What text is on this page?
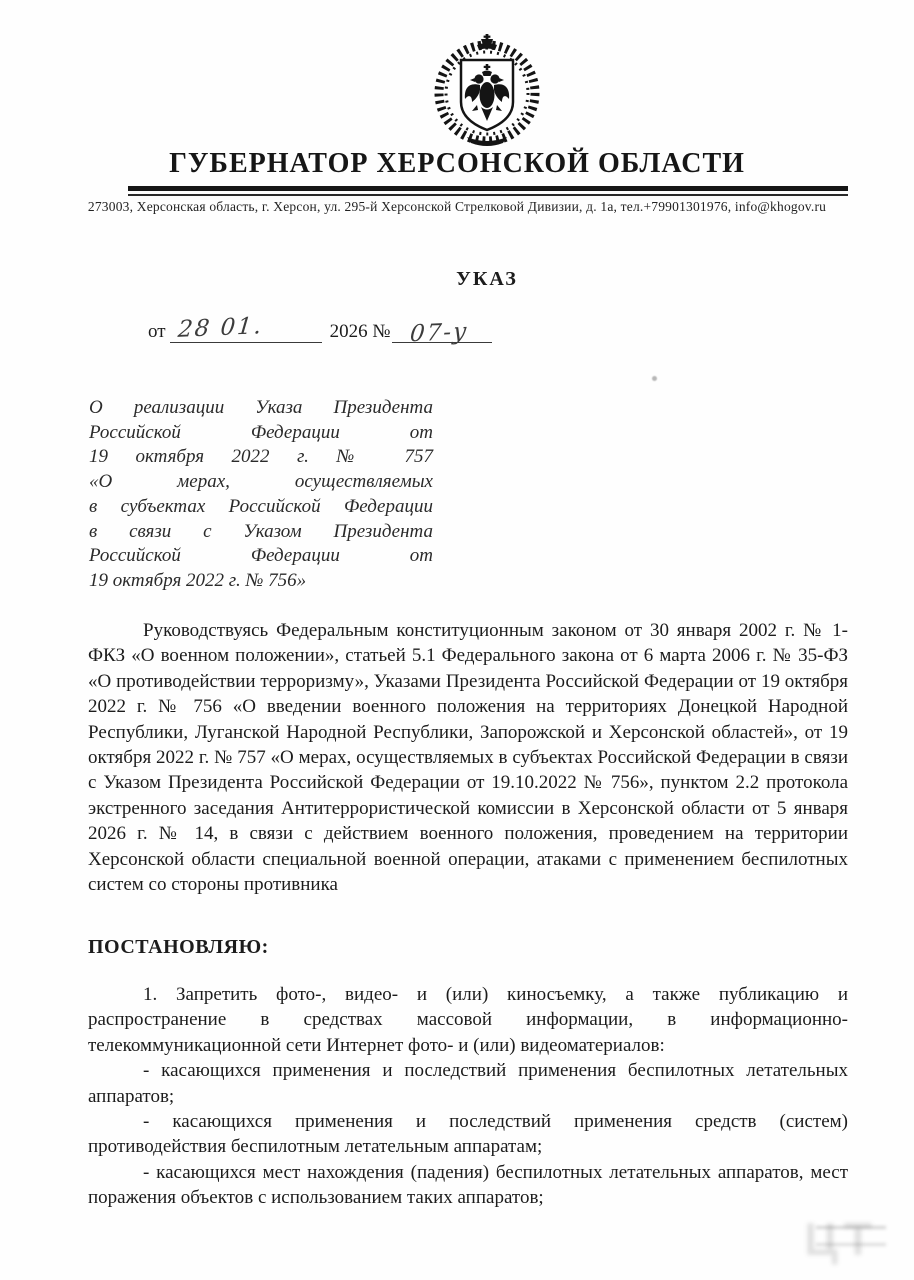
ГУБЕРНАТОР ХЕРСОНСКОЙ ОБЛАСТИ
273003, Херсонская область, г. Херсон, ул. 295-й Херсонской Стрелковой Дивизии, д. 1а, тел.+79901301976, info@khogov.ru
УКАЗ
от 28 01.	2026 № 07-у
О реализации Указа Президента
Российской Федерации от
19 октября 2022 г. № 757
«О мерах, осуществляемых
в субъектах Российской Федерации
в связи с Указом Президента
Российской Федерации от
19 октября 2022 г. № 756»

Руководствуясь Федеральным конституционным законом от 30 января 2002 г. № 1-ФКЗ «О военном положении», статьей 5.1 Федерального закона от 6 марта 2006 г. № 35-ФЗ «О противодействии терроризму», Указами Президента Российской Федерации от 19 октября 2022 г. № 756 «О введении военного положения на территориях Донецкой Народной Республики, Луганской Народной Республики, Запорожской и Херсонской областей», от 19 октября 2022 г. № 757 «О мерах, осуществляемых в субъектах Российской Федерации в связи с Указом Президента Российской Федерации от 19.10.2022 № 756», пунктом 2.2 протокола экстренного заседания Антитеррористической комиссии в Херсонской области от 5 января 2026 г. № 14, в связи с действием военного положения, проведением на территории Херсонской области специальной военной операции, атаками с применением беспилотных систем со стороны противника

ПОСТАНОВЛЯЮ:

1. Запретить фото-, видео- и (или) киносъемку, а также публикацию и распространение в средствах массовой информации, в информационно-телекоммуникационной сети Интернет фото- и (или) видеоматериалов:

- касающихся применения и последствий применения беспилотных летательных аппаратов;

- касающихся применения и последствий применения средств (систем) противодействия беспилотным летательным аппаратам;

- касающихся мест нахождения (падения) беспилотных летательных аппаратов, мест поражения объектов с использованием таких аппаратов;

ЦТ
